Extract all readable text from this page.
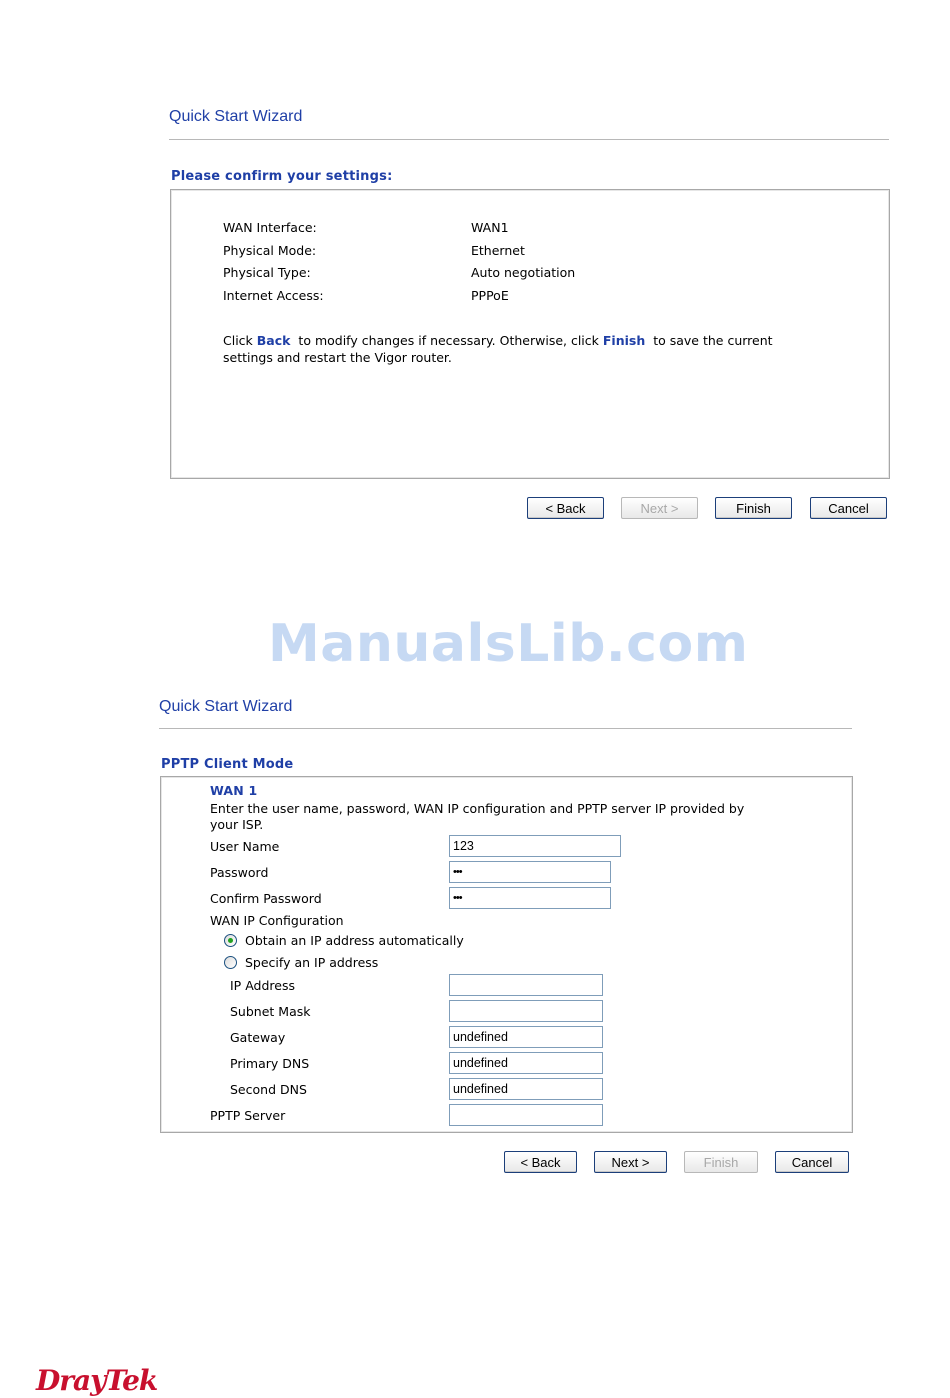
Quick Start Wizard
Please confirm your settings:
WAN Interface:	WAN1
Physical Mode:	Ethernet
Physical Type:	Auto negotiation
Internet Access:	PPPoE
Click Back to modify changes if necessary. Otherwise, click Finish to save the current
settings and restart the Vigor router.
< Back	Next >	Finish	Cancel
ManualsLib.com
Quick Start Wizard
PPTP Client Mode
WAN 1
Enter the user name, password, WAN IP configuration and PPTP server IP provided by
your ISP.
User Name	123
Password	•••
Confirm Password	•••
WAN IP Configuration
Obtain an IP address automatically
Specify an IP address
IP Address
Subnet Mask
Gateway	undefined
Primary DNS	undefined
Second DNS	undefined
PPTP Server
< Back	Next >	Finish	Cancel
DrayTek
